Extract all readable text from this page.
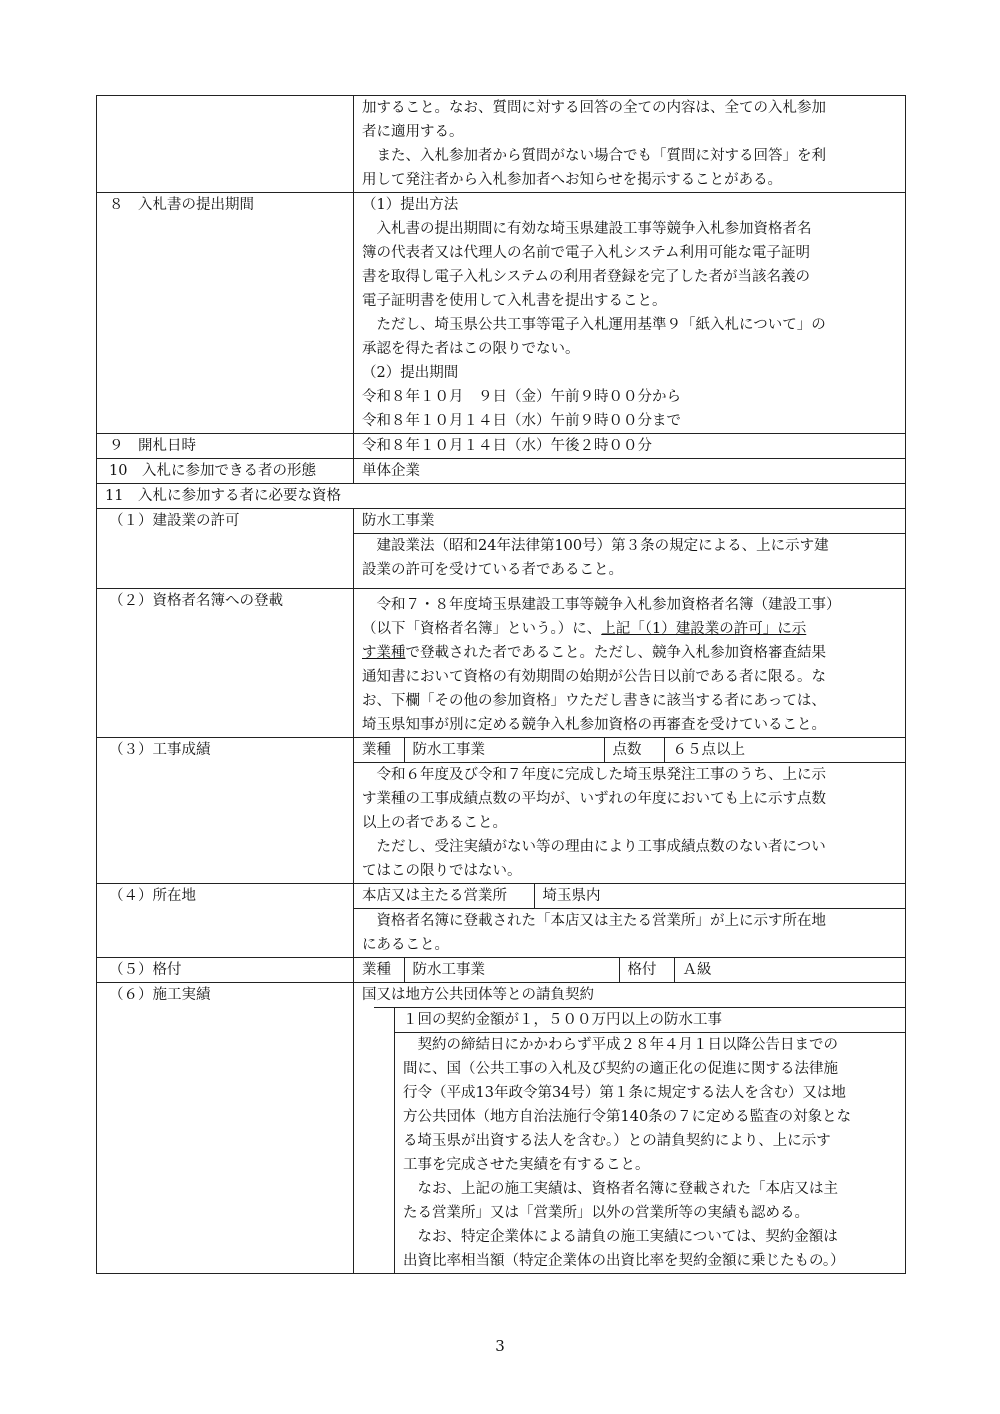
加すること。なお、質問に対する回答の全ての内容は、全ての入札参加
者に適用する。
　また、入札参加者から質問がない場合でも「質問に対する回答」を利
用して発注者から入札参加者へお知らせを掲示することがある。

８　入札書の提出期間	（1）提出方法
　入札書の提出期間に有効な埼玉県建設工事等競争入札参加資格者名
簿の代表者又は代理人の名前で電子入札システム利用可能な電子証明
書を取得し電子入札システムの利用者登録を完了した者が当該名義の
電子証明書を使用して入札書を提出すること。
　ただし、埼玉県公共工事等電子入札運用基準９「紙入札について」の
承認を得た者はこの限りでない。
（2）提出期間
令和８年１０月　９日（金）午前９時００分から
令和８年１０月１４日（水）午前９時００分まで

９　開札日時	令和８年１０月１４日（水）午後２時００分

10　入札に参加できる者の形態	単体企業

11　入札に参加する者に必要な資格
（１）建設業の許可	防水工事業
　建設業法（昭和24年法律第100号）第３条の規定による、上に示す建
設業の許可を受けている者であること。

（２）資格者名簿への登載	　令和７・８年度埼玉県建設工事等競争入札参加資格者名簿（建設工事）
（以下「資格者名簿」という。）に、上記「（1）建設業の許可」に示
す業種で登載された者であること。ただし、競争入札参加資格審査結果
通知書において資格の有効期間の始期が公告日以前である者に限る。な
お、下欄「その他の参加資格」ウただし書きに該当する者にあっては、
埼玉県知事が別に定める競争入札参加資格の再審査を受けていること。

（３）工事成績		業種	防水工事業	点数	６５点以上
　令和６年度及び令和７年度に完成した埼玉県発注工事のうち、上に示
す業種の工事成績点数の平均が、いずれの年度においても上に示す点数
以上の者であること。
　ただし、受注実績がない等の理由により工事成績点数のない者につい
てはこの限りではない。

（４）所在地		本店又は主たる営業所	埼玉県内
　資格者名簿に登載された「本店又は主たる営業所」が上に示す所在地
にあること。

（５）格付		業種	防水工事業	格付	Ａ級

（６）施工実績	国又は地方公共団体等との請負契約
１回の契約金額が１，５００万円以上の防水工事
　契約の締結日にかかわらず平成２８年４月１日以降公告日までの
間に、国（公共工事の入札及び契約の適正化の促進に関する法律施
行令（平成13年政令第34号）第１条に規定する法人を含む）又は地
方公共団体（地方自治法施行令第140条の７に定める監査の対象とな
る埼玉県が出資する法人を含む。）との請負契約により、上に示す
工事を完成させた実績を有すること。
　なお、上記の施工実績は、資格者名簿に登載された「本店又は主
たる営業所」又は「営業所」以外の営業所等の実績も認める。
　なお、特定企業体による請負の施工実績については、契約金額は
出資比率相当額（特定企業体の出資比率を契約金額に乗じたもの。）
3
